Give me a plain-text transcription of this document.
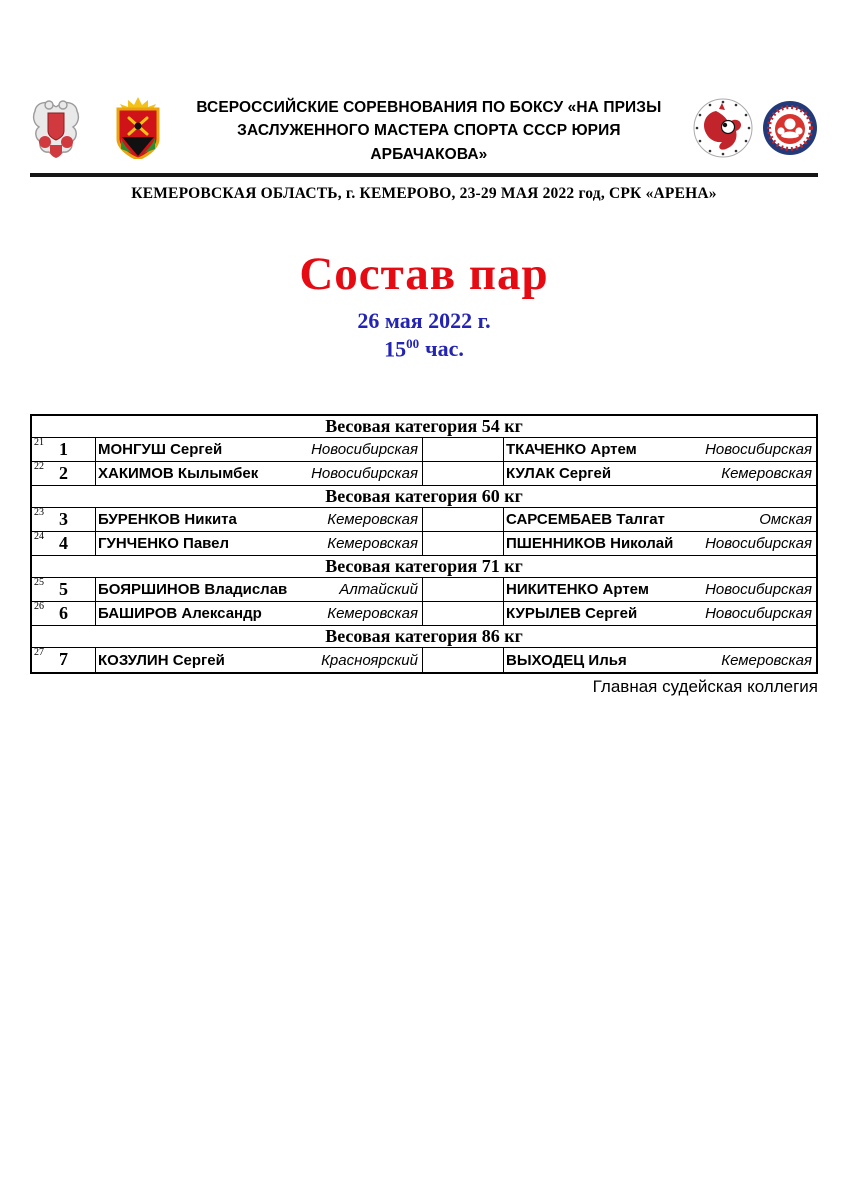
ВСЕРОССИЙСКИЕ СОРЕВНОВАНИЯ ПО БОКСУ «НА ПРИЗЫ
ЗАСЛУЖЕННОГО МАСТЕРА СПОРТА СССР ЮРИЯ АРБАЧАКОВА»
КЕМЕРОВСКАЯ ОБЛАСТЬ, г. КЕМЕРОВО, 23-29 МАЯ 2022 год, СРК «АРЕНА»
Состав пар
26 мая 2022 г.
$15^{00}$ час.
Весовая категория 54 кг
21 1	МОНГУШ Сергей	Новосибирская	ТКАЧЕНКО Артем	Новосибирская
22 2	ХАКИМОВ Кылымбек	Новосибирская	КУЛАК Сергей	Кемеровская
Весовая категория 60 кг
23 3	БУРЕНКОВ Никита	Кемеровская	САРСЕМБАЕВ Талгат	Омская
24 4	ГУНЧЕНКО Павел	Кемеровская	ПШЕННИКОВ Николай Новосибирская
Весовая категория 71 кг
25 5	БОЯРШИНОВ Владислав	Алтайский	НИКИТЕНКО Артем	Новосибирская
26 6	БАШИРОВ Александр	Кемеровская	КУРЫЛЕВ Сергей	Новосибирская
Весовая категория 86 кг
27 7	КОЗУЛИН Сергей	Красноярский	ВЫХОДЕЦ Илья	Кемеровская
Главная судейская коллегия
